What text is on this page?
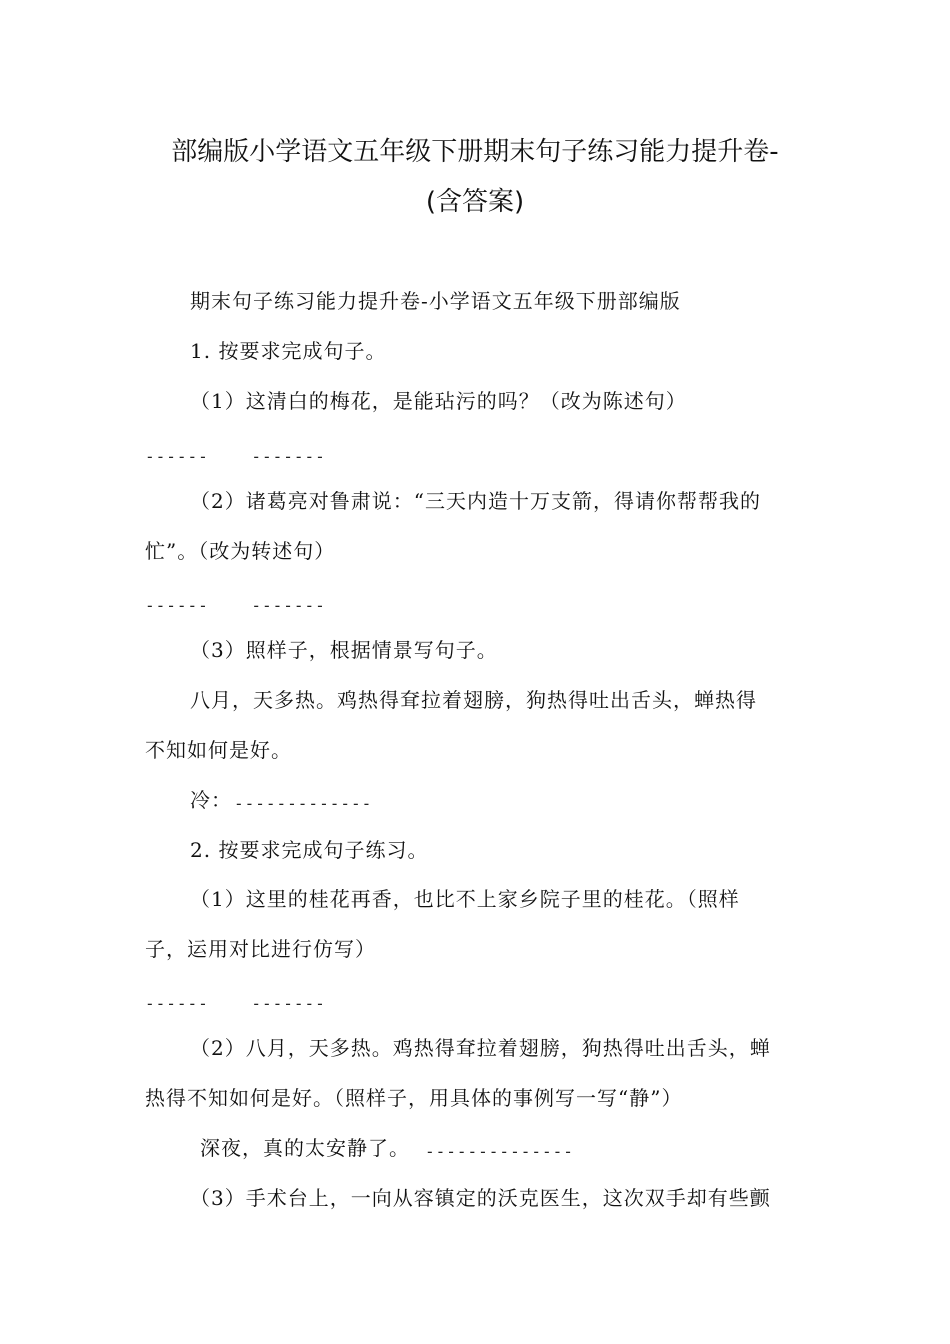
部编版小学语文五年级下册期末句子练习能力提升卷-
(含答案)
期末句子练习能力提升卷-小学语文五年级下册部编版
1. 按要求完成句子。
（1）这清白的梅花，是能玷污的吗？（改为陈述句）
------    -------
（2）诸葛亮对鲁肃说：“三天内造十万支箭，得请你帮帮我的
忙”。（改为转述句）
------    -------
（3）照样子，根据情景写句子。
八月，天多热。鸡热得耷拉着翅膀，狗热得吐出舌头，蝉热得
不知如何是好。
冷： -------------
2. 按要求完成句子练习。
（1）这里的桂花再香，也比不上家乡院子里的桂花。（照样
子，运用对比进行仿写）
------    -------
（2）八月，天多热。鸡热得耷拉着翅膀，狗热得吐出舌头，蝉
热得不知如何是好。（照样子，用具体的事例写一写“静”）
深夜，真的太安静了。 --------------
（3）手术台上，一向从容镇定的沃克医生，这次双手却有些颤
